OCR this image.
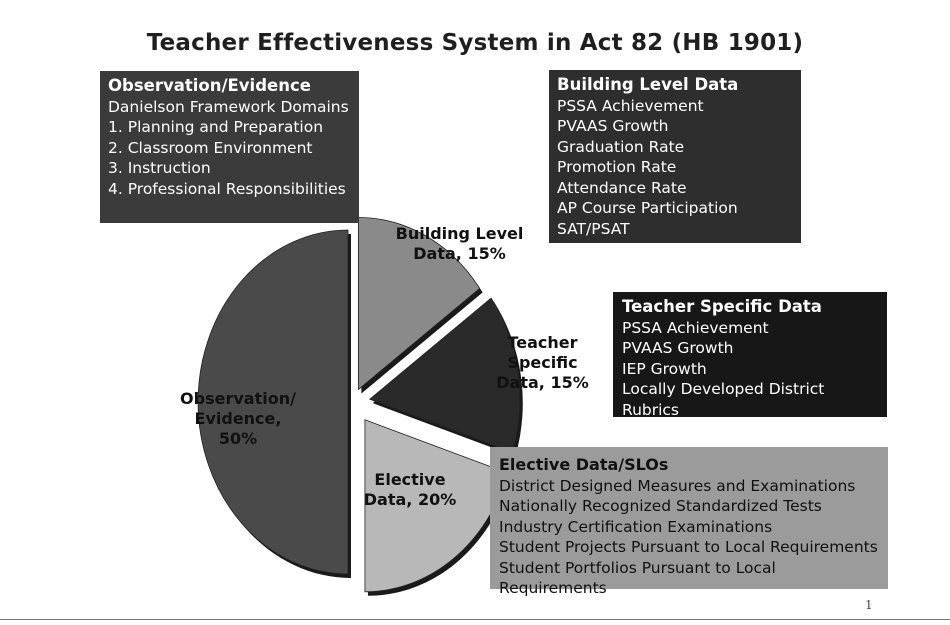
Teacher Effectiveness System in Act 82 (HB 1901)
Observation/Evidence
Danielson Framework Domains
1. Planning and Preparation
2. Classroom Environment
3. Instruction
4. Professional Responsibilities
Building Level Data
PSSA Achievement
PVAAS Growth
Graduation Rate
Promotion Rate
Attendance Rate
AP Course Participation
SAT/PSAT
Teacher Specific Data
PSSA Achievement
PVAAS Growth
IEP Growth
Locally Developed District Rubrics
Elective Data/SLOs
District Designed Measures and Examinations
Nationally Recognized Standardized Tests
Industry Certification Examinations
Student Projects Pursuant to Local Requirements
Student Portfolios Pursuant to Local Requirements
Building Level
Data, 15%
Teacher Specific
Data, 15%
Elective
Data, 20%
Observation/
Evidence,
50%
1
